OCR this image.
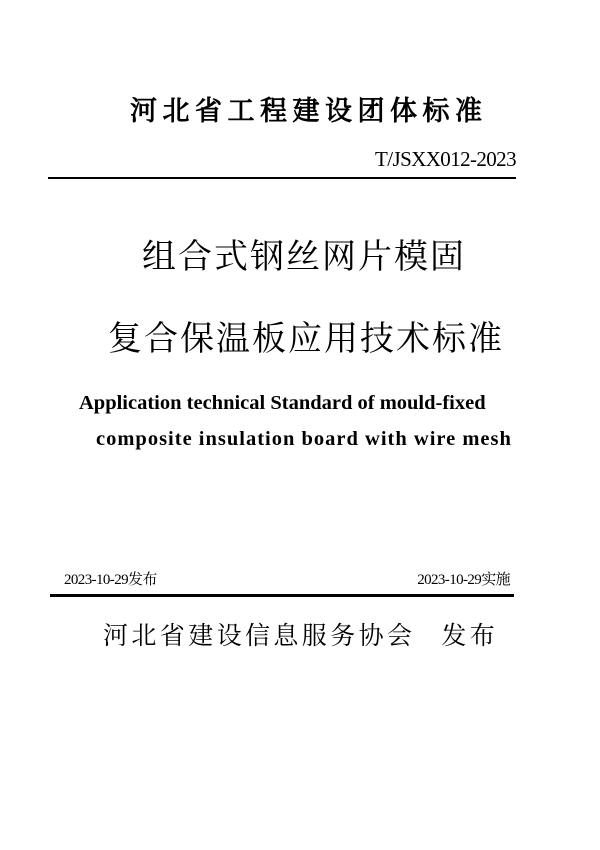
河北省工程建设团体标准
T/JSXX012-2023
组合式钢丝网片模固
复合保温板应用技术标准
Application technical Standard of mould-fixed
composite insulation board with wire mesh
2023-10-29发布	2023-10-29实施
河北省建设信息服务协会 发布
